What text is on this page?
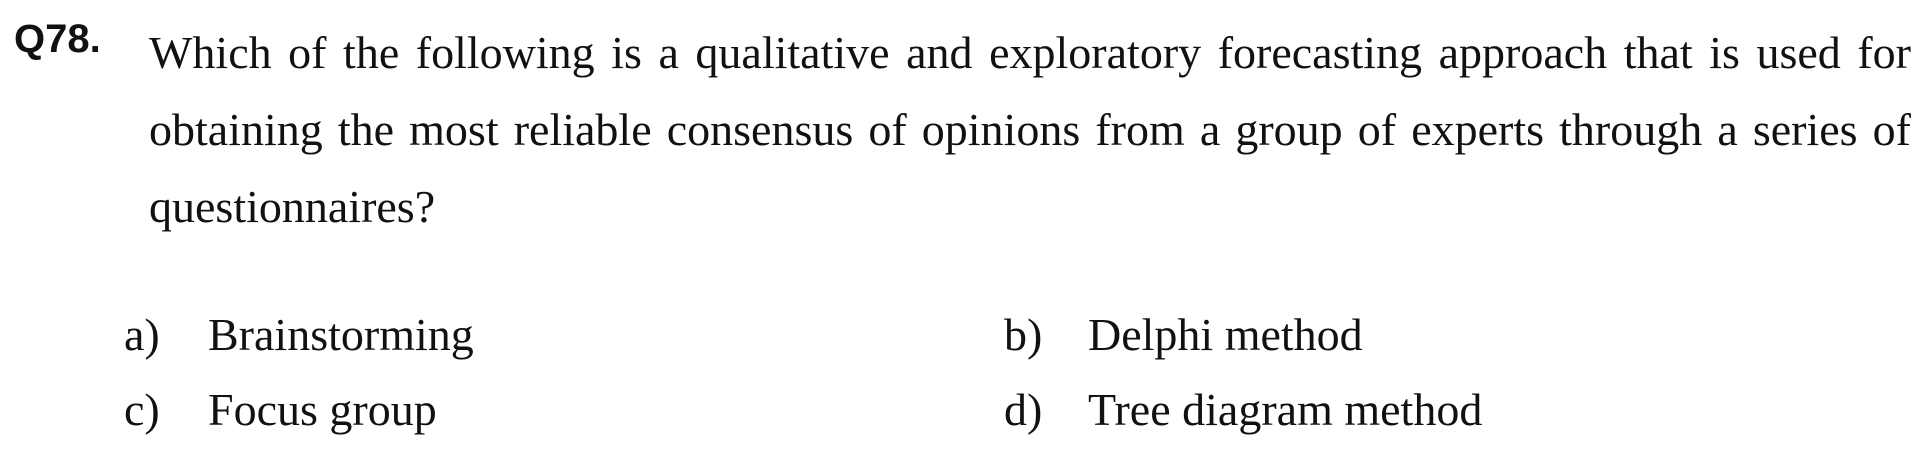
Q78. Which of the following is a qualitative and exploratory forecasting approach that is used for obtaining the most reliable consensus of opinions from a group of experts through a series of questionnaires?
a) Brainstorming	b) Delphi method
c) Focus group	d) Tree diagram method
